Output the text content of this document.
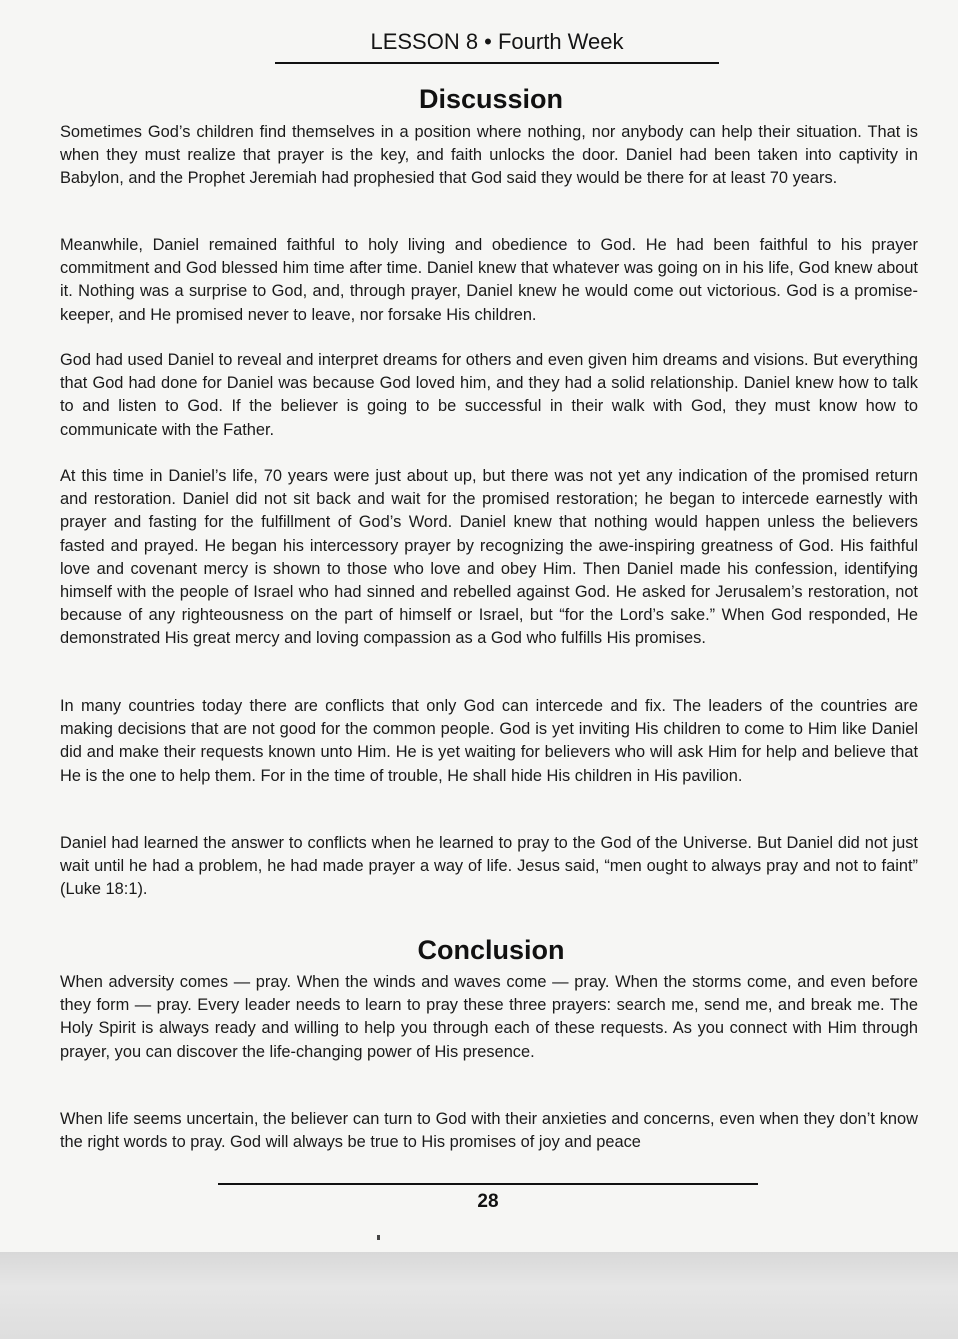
LESSON 8 • Fourth Week
Discussion

Sometimes God’s children find themselves in a position where nothing, nor anybody can help their situation. That is when they must realize that prayer is the key, and faith unlocks the door. Daniel had been taken into captivity in Babylon, and the Prophet Jeremiah had prophesied that God said they would be there for at least 70 years.

Meanwhile, Daniel remained faithful to holy living and obedience to God. He had been faithful to his prayer commitment and God blessed him time after time. Daniel knew that whatever was going on in his life, God knew about it. Nothing was a surprise to God, and, through prayer, Daniel knew he would come out victorious. God is a promise-keeper, and He promised never to leave, nor forsake His children.

God had used Daniel to reveal and interpret dreams for others and even given him dreams and visions. But everything that God had done for Daniel was because God loved him, and they had a solid relationship. Daniel knew how to talk to and listen to God. If the believer is going to be successful in their walk with God, they must know how to communicate with the Father.

At this time in Daniel’s life, 70 years were just about up, but there was not yet any indication of the promised return and restoration. Daniel did not sit back and wait for the promised restoration; he began to intercede earnestly with prayer and fasting for the fulfillment of God’s Word. Daniel knew that nothing would happen unless the believers fasted and prayed. He began his intercessory prayer by recognizing the awe-inspiring greatness of God. His faithful love and covenant mercy is shown to those who love and obey Him. Then Daniel made his confession, identifying himself with the people of Israel who had sinned and rebelled against God. He asked for Jerusalem’s restoration, not because of any righteousness on the part of himself or Israel, but “for the Lord’s sake.” When God responded, He demonstrated His great mercy and loving compassion as a God who fulfills His promises.

In many countries today there are conflicts that only God can intercede and fix. The leaders of the countries are making decisions that are not good for the common people. God is yet inviting His children to come to Him like Daniel did and make their requests known unto Him. He is yet waiting for believers who will ask Him for help and believe that He is the one to help them. For in the time of trouble, He shall hide His children in His pavilion.

Daniel had learned the answer to conflicts when he learned to pray to the God of the Universe. But Daniel did not just wait until he had a problem, he had made prayer a way of life. Jesus said, “men ought to always pray and not to faint” (Luke 18:1).

When adversity comes — pray. When the winds and waves come — pray. When the storms come, and even before they form — pray. Every leader needs to learn to pray these three prayers: search me, send me, and break me. The Holy Spirit is always ready and willing to help you through each of these requests. As you connect with Him through prayer, you can discover the life-changing power of His presence.

When life seems uncertain, the believer can turn to God with their anxieties and concerns, even when they don’t know the right words to pray. God will always be true to His promises of joy and peace

Conclusion
28
